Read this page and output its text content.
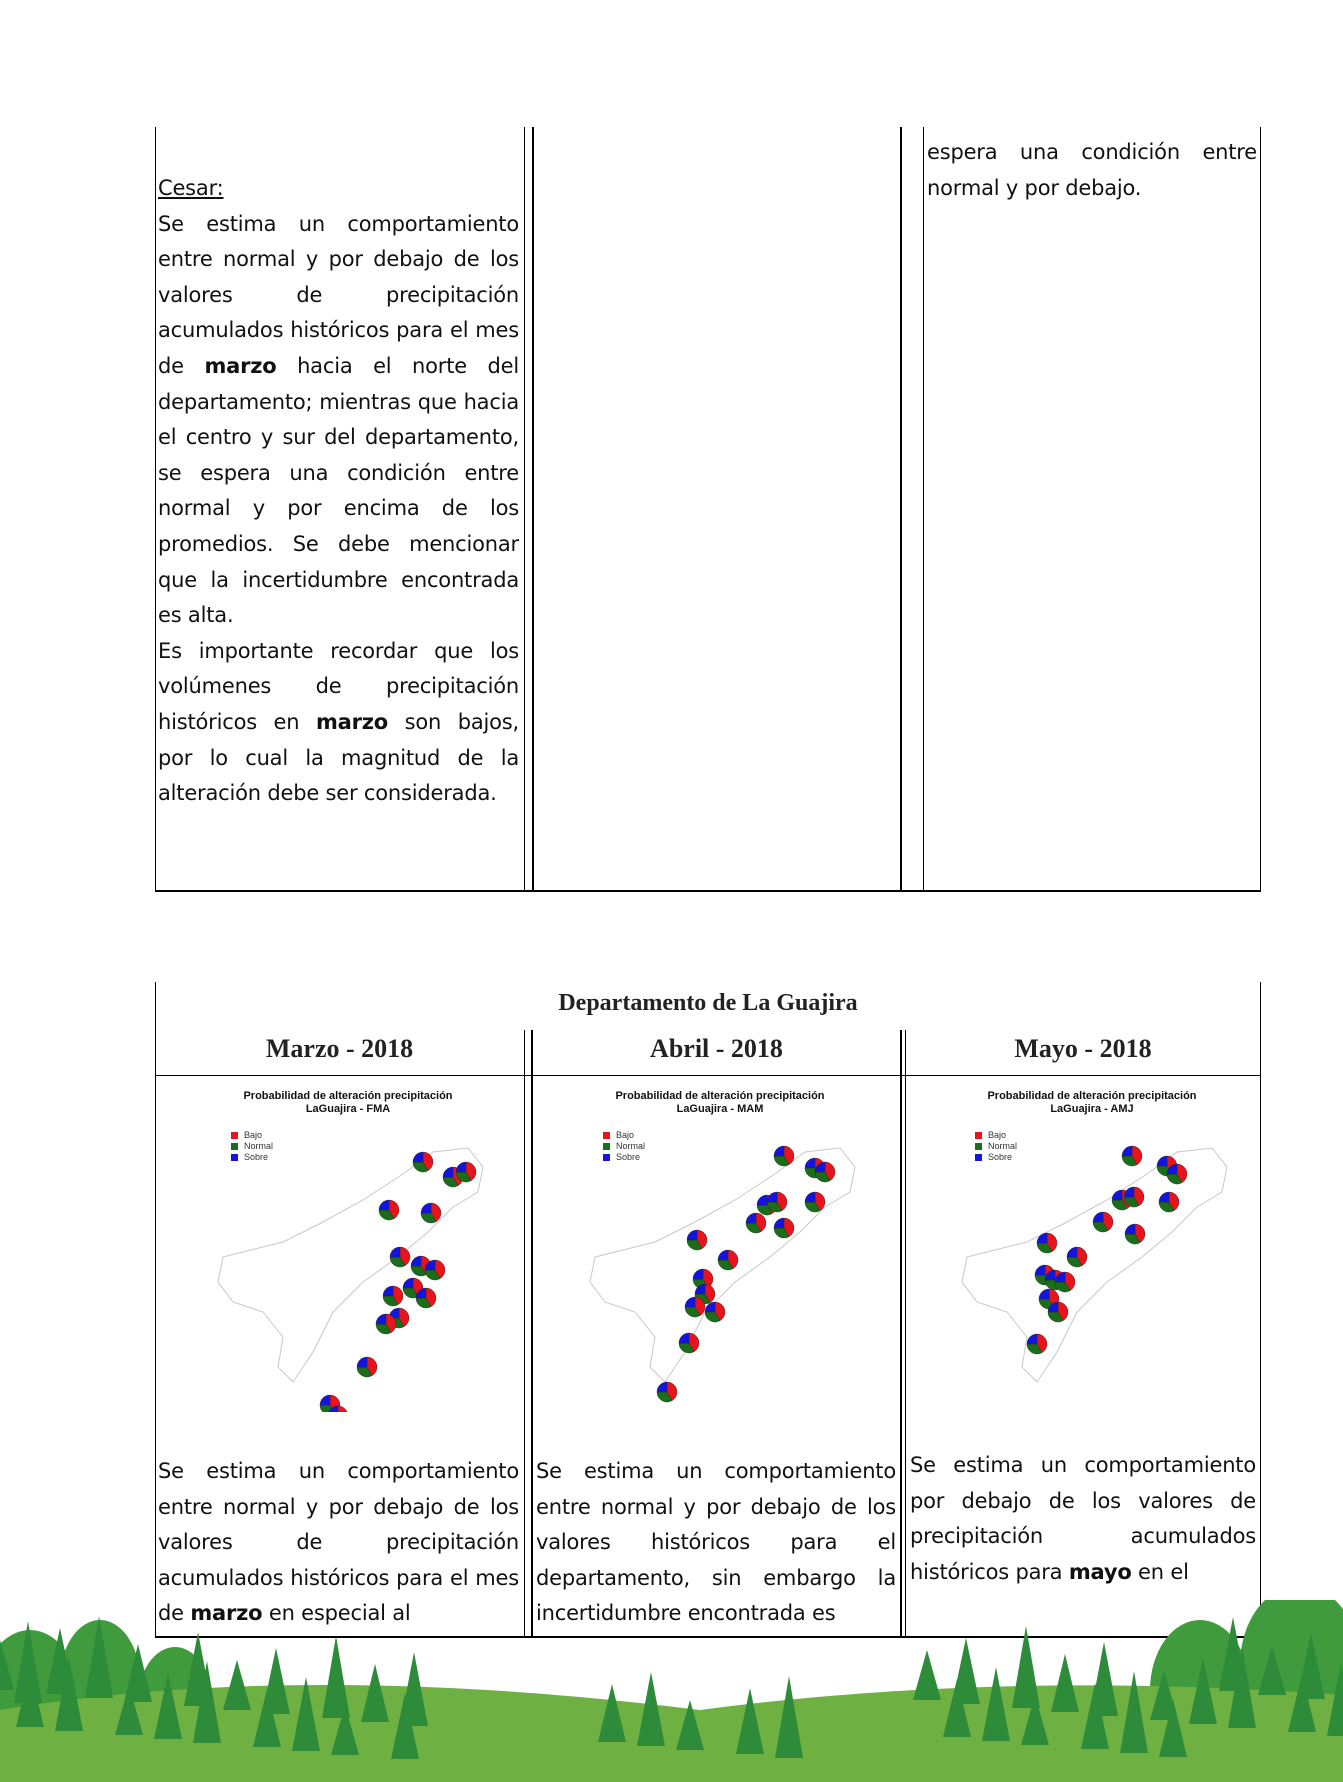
Cesar:
Se estima un comportamiento entre normal y por debajo de los valores de precipitación acumulados históricos para el mes de marzo hacia el norte del departamento; mientras que hacia el centro y sur del departamento, se espera una condición entre normal y por encima de los promedios. Se debe mencionar que la incertidumbre encontrada es alta.
Es importante recordar que los volúmenes de precipitación históricos en marzo son bajos, por lo cual la magnitud de la alteración debe ser considerada.
espera una condición entre normal y por debajo.
Departamento de La Guajira
Marzo - 2018	Abril - 2018	Mayo - 2018
Probabilidad de alteración precipitación
LaGuajira - FMA
Bajo
Normal
Sobre
Probabilidad de alteración precipitación
LaGuajira - MAM
Bajo
Normal
Sobre
Probabilidad de alteración precipitación
LaGuajira - AMJ
Bajo
Normal
Sobre
Se estima un comportamiento entre normal y por debajo de los valores de precipitación acumulados históricos para el mes de marzo en especial al
Se estima un comportamiento entre normal y por debajo de los valores históricos para el departamento, sin embargo la incertidumbre encontrada es
Se estima un comportamiento por debajo de los valores de precipitación acumulados históricos para mayo en el
